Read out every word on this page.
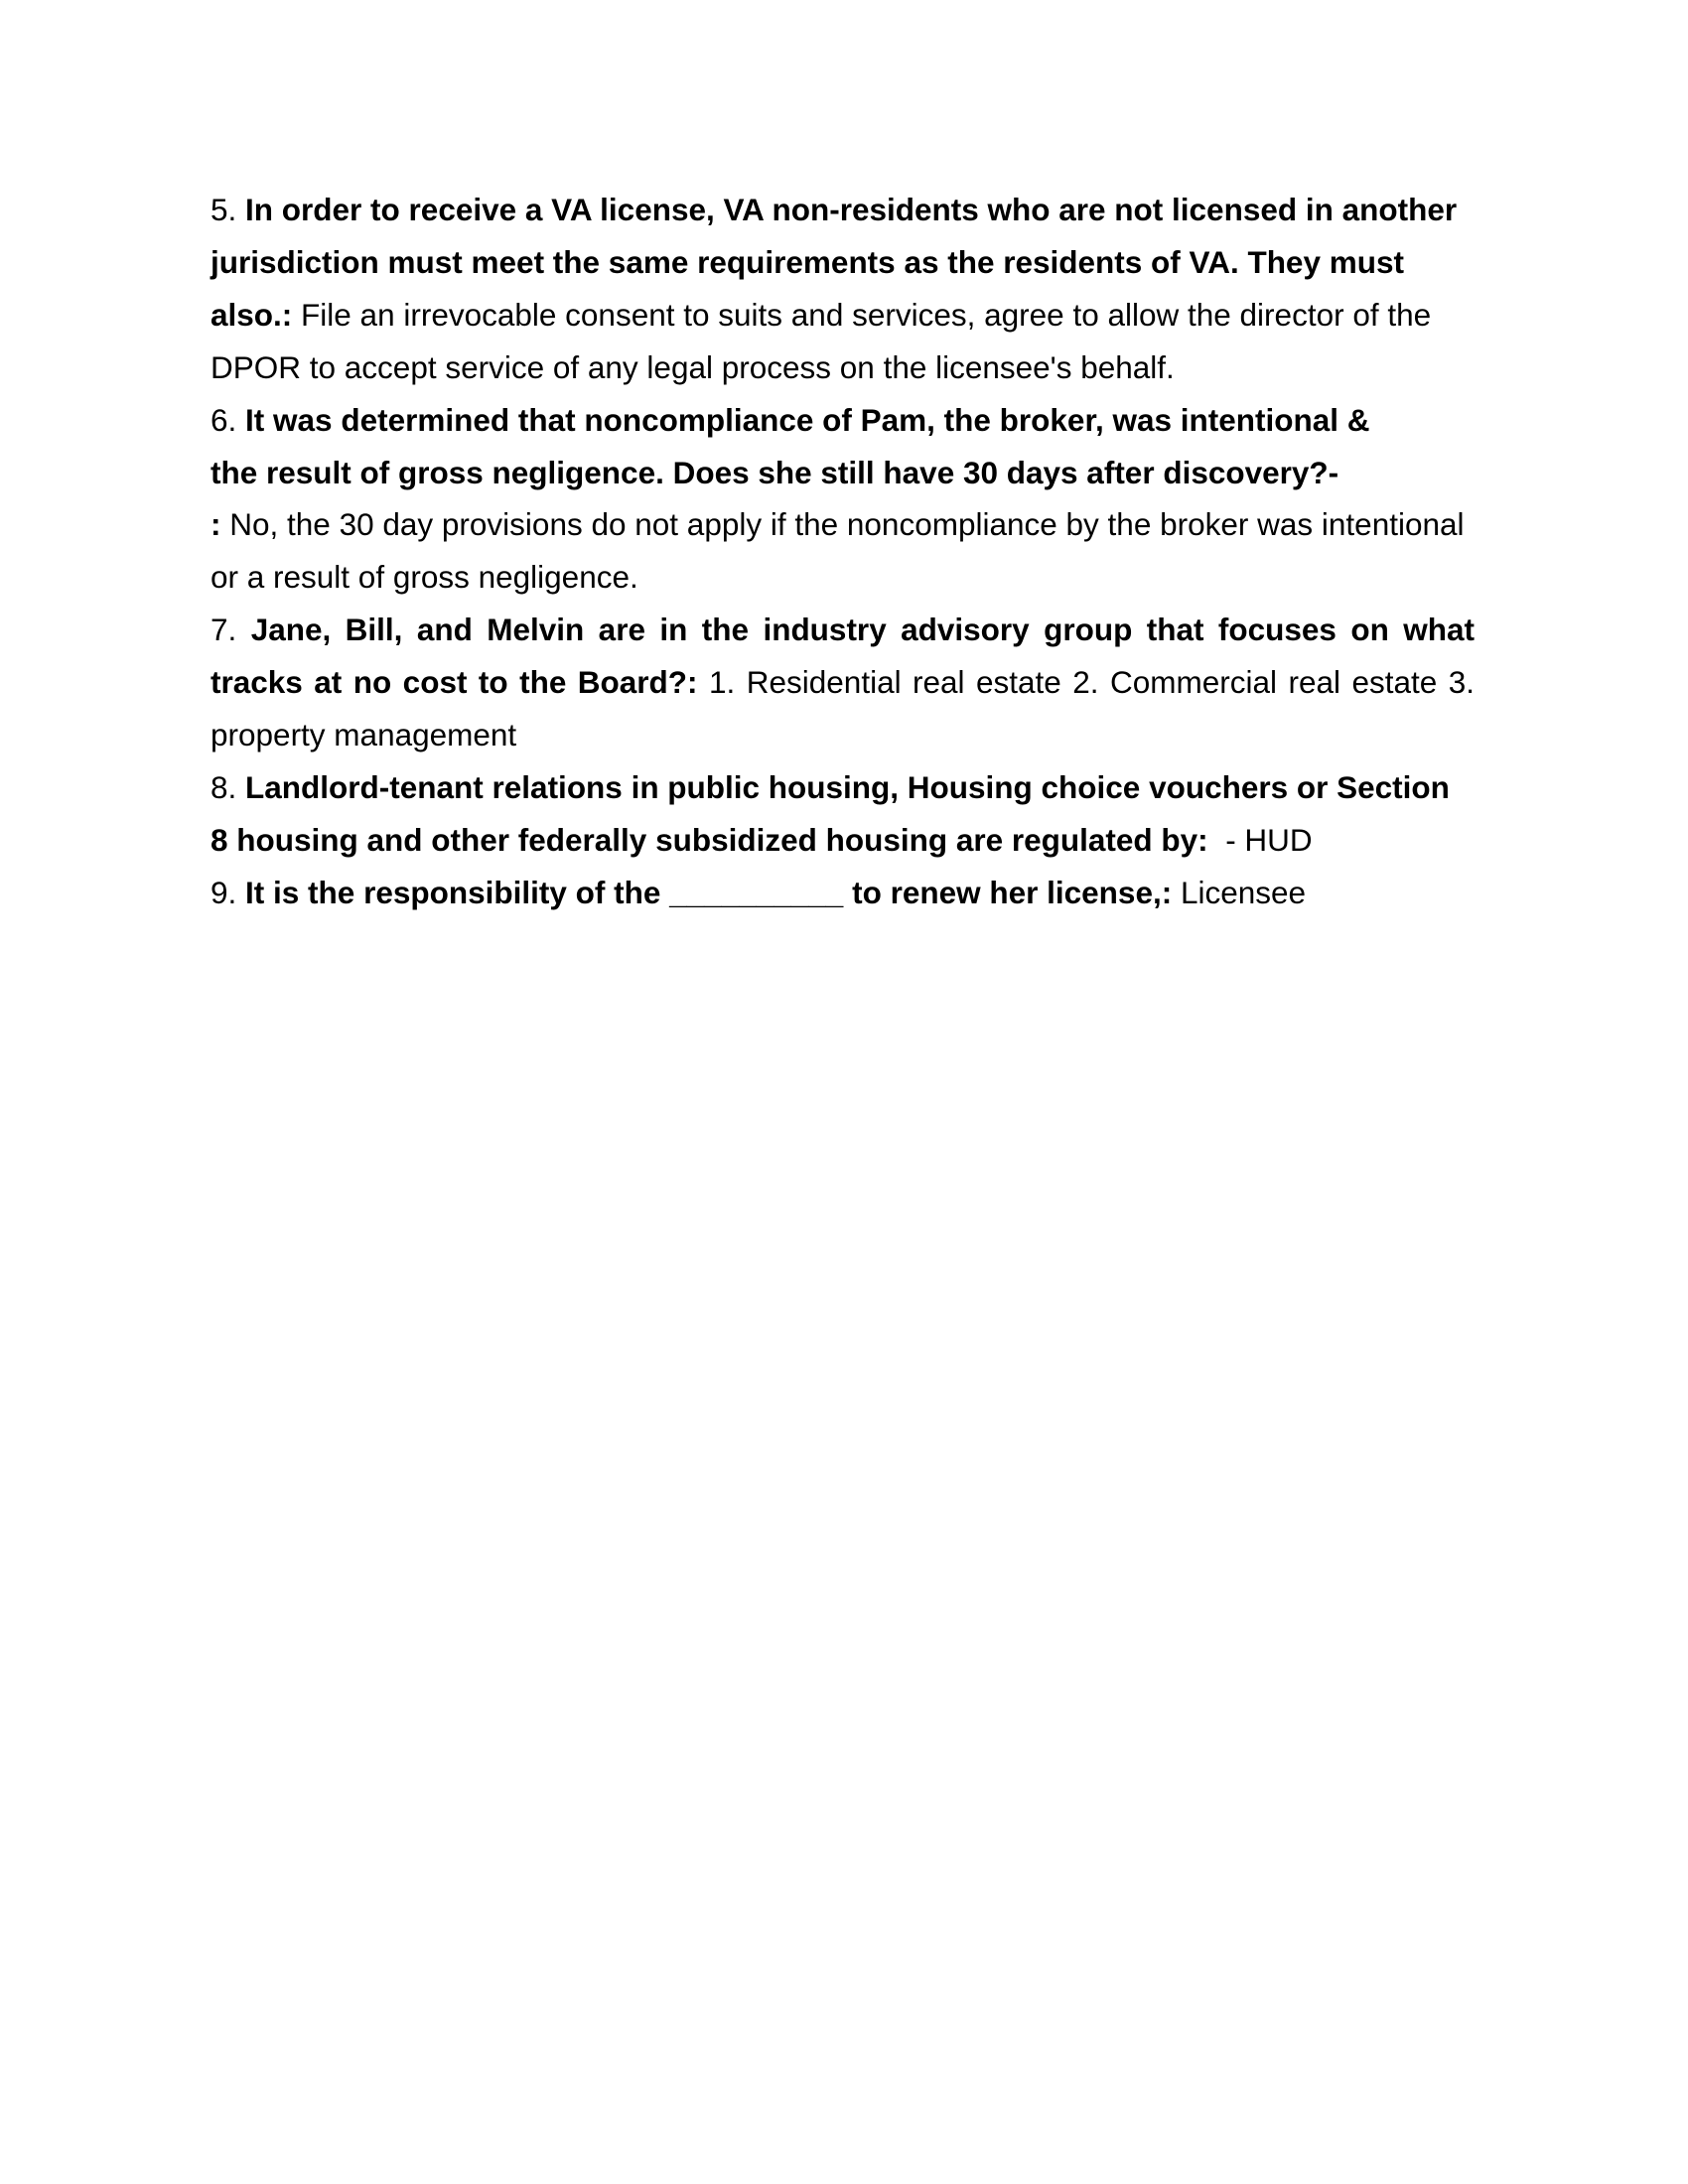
5. In order to receive a VA license, VA non-residents who are not licensed in another jurisdiction must meet the same requirements as the residents of VA. They must also.: File an irrevocable consent to suits and services, agree to allow the director of the DPOR to accept service of any legal process on the licensee's behalf.

6. It was determined that noncompliance of Pam, the broker, was intentional &

the result of gross negligence. Does she still have 30 days after discovery?-

: No, the 30 day provisions do not apply if the noncompliance by the broker was intentional or a result of gross negligence.

7. Jane, Bill, and Melvin are in the industry advisory group that focuses on what tracks at no cost to the Board?: 1. Residential real estate 2. Commercial real estate 3. property management

8. Landlord-tenant relations in public housing, Housing choice vouchers or Section 8 housing and other federally subsidized housing are regulated by: - HUD

9. It is the responsibility of the __________ to renew her license,: Licensee
